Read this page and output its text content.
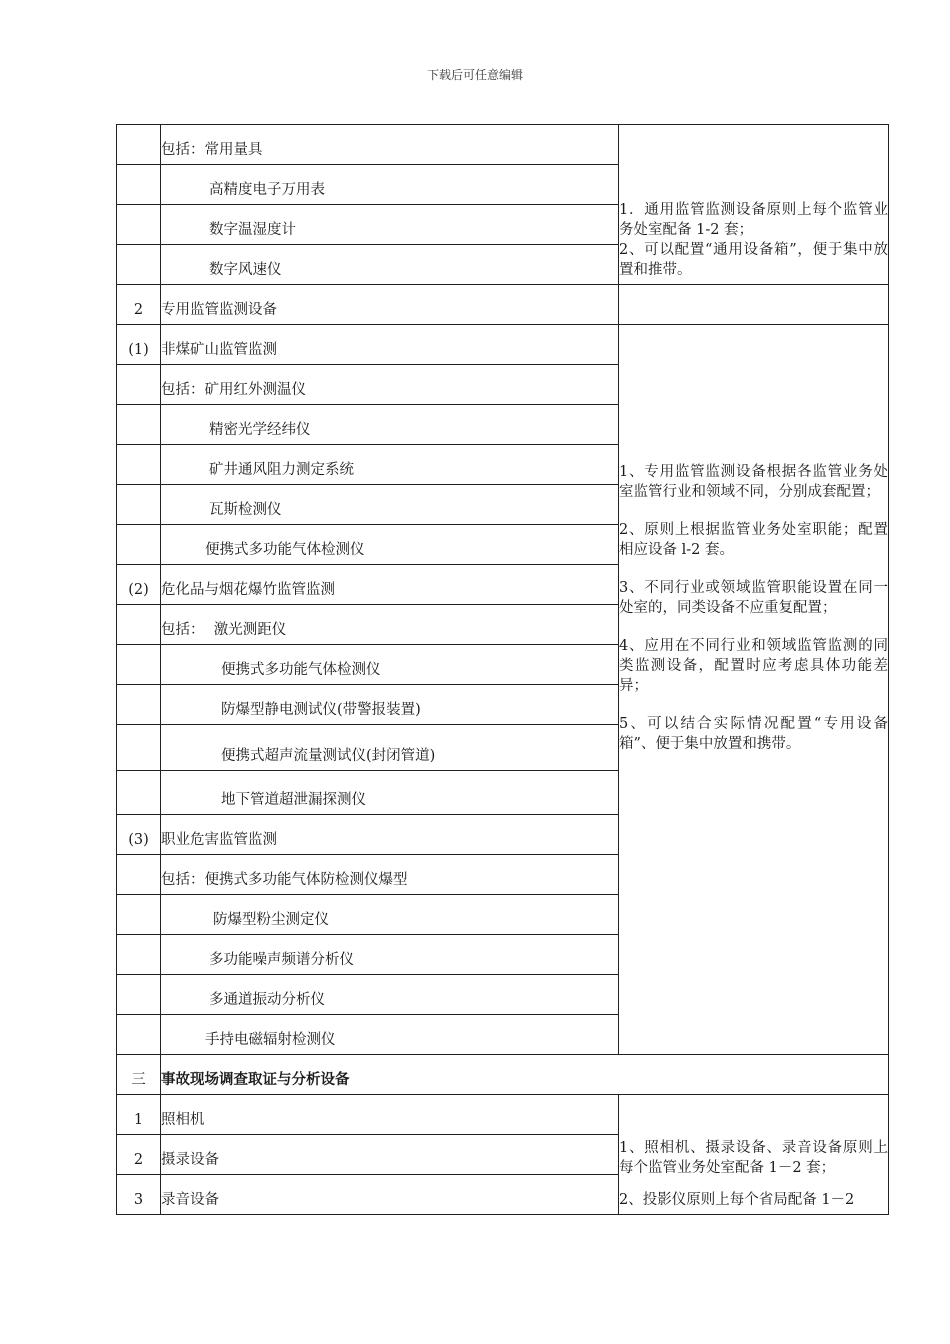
下载后可任意编辑
	包括：常用量具	1．通用监管监测设备原则上每个监管业务处室配备 1-2 套；

2、可以配置“通用设备箱”，便于集中放置和推带。

	高精度电子万用表	
	数字温湿度计	
	数字风速仪	
2	专用监管监测设备	
(1)	非煤矿山监管监测	1、专用监管监测设备根据各监管业务处室监管行业和领域不同，分别成套配置；

2、原则上根据监管业务处室职能；配置相应设备 l-2 套。

3、不同行业或领域监管职能设置在同一处室的，同类设备不应重复配置；

4、应用在不同行业和领域监管监测的同类监测设备，配置时应考虑具体功能差异；

5、可以结合实际情况配置“专用设备箱”、便于集中放置和携带。

	包括：矿用红外测温仪	
	精密光学经纬仪	
	矿井通风阻力测定系统	
	瓦斯检测仪	
	便携式多功能气体检测仪	
(2)	危化品与烟花爆竹监管监测	
	包括：  激光测距仪	
	便携式多功能气体检测仪	
	防爆型静电测试仪(带警报装置)	
	便携式超声流量测试仪(封闭管道)	
	地下管道超泄漏探测仪	
(3)	职业危害监管监测	
	包括：便携式多功能气体防检测仪爆型	
	防爆型粉尘测定仪	
	多功能噪声频谱分析仪	
	多通道振动分析仪	
	手持电磁辐射检测仪	
三	事故现场调查取证与分析设备	
1	照相机	1、照相机、摄录设备、录音设备原则上每个监管业务处室配备 1－2 套；

2、投影仪原则上每个省局配备 1－2

2	摄录设备	
3	录音设备	
